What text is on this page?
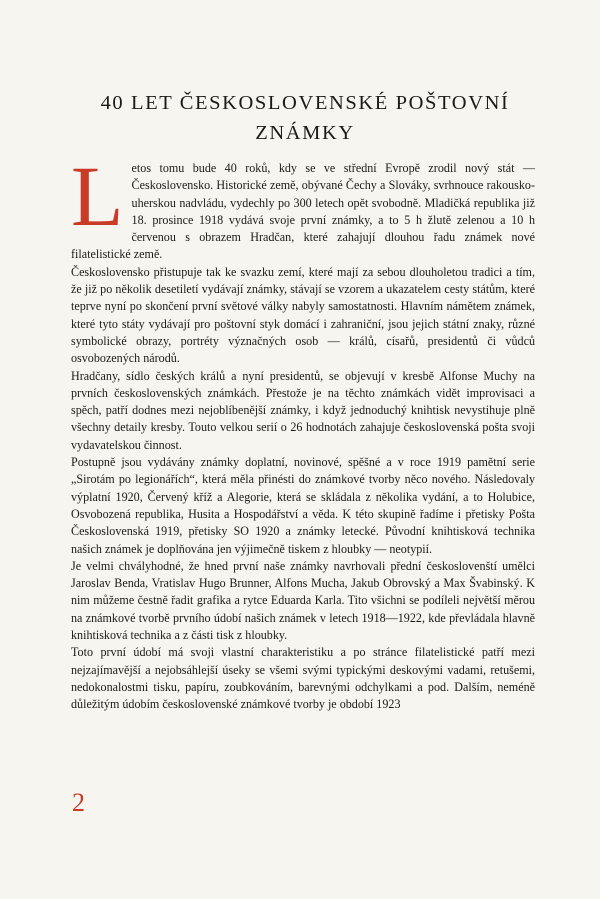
40 LET ČESKOSLOVENSKÉ POŠTOVNÍ
ZNÁMKY

Letos tomu bude 40 roků, kdy se ve střední Evropě zrodil nový stát — Československo. Historické země, obývané Čechy a Slováky, svrhnouce rakousko-uherskou nadvládu, vydechly po 300 letech opět svobodně. Mladičká republika již 18. prosince 1918 vydává svoje první známky, a to 5 h žlutě zelenou a 10 h červenou s obrazem Hradčan, které zahajují dlouhou řadu známek nové filatelistické země.

Československo přistupuje tak ke svazku zemí, které mají za sebou dlouholetou tradici a tím, že již po několik desetiletí vydávají známky, stávají se vzorem a ukazatelem cesty státům, které teprve nyní po skončení první světové války nabyly samostatnosti. Hlavním námětem známek, které tyto státy vydávají pro poštovní styk domácí i zahraniční, jsou jejich státní znaky, různé symbolické obrazy, portréty význačných osob — králů, císařů, presidentů či vůdců osvobozených národů.

Hradčany, sídlo českých králů a nyní presidentů, se objevují v kresbě Alfonse Muchy na prvních československých známkách. Přestože je na těchto známkách vidět improvisaci a spěch, patří dodnes mezi nejoblíbenější známky, i když jednoduchý knihtisk nevystihuje plně všechny detaily kresby. Touto velkou serií o 26 hodnotách zahajuje československá pošta svoji vydavatelskou činnost.

Postupně jsou vydávány známky doplatní, novinové, spěšné a v roce 1919 pamětní serie „Sirotám po legionářích“, která měla přinésti do známkové tvorby něco nového. Následovaly výplatní 1920, Červený kříž a Alegorie, která se skládala z několika vydání, a to Holubice, Osvobozená republika, Husita a Hospodářství a věda. K této skupině řadíme i přetisky Pošta Československá 1919, přetisky SO 1920 a známky letecké. Původní knihtisková technika našich známek je doplňována jen výjimečně tiskem z hloubky — neotypií.

Je velmi chvályhodné, že hned první naše známky navrhovali přední českoslovenští umělci Jaroslav Benda, Vratislav Hugo Brunner, Alfons Mucha, Jakub Obrovský a Max Švabinský. K nim můžeme čestně řadit grafika a rytce Eduarda Karla. Tito všichni se podíleli největší měrou na známkové tvorbě prvního údobí našich známek v letech 1918—1922, kde převládala hlavně knihtisková technika a z části tisk z hloubky.

Toto první údobí má svoji vlastní charakteristiku a po stránce filatelistické patří mezi nejzajímavější a nejobsáhlejší úseky se všemi svými typickými deskovými vadami, retušemi, nedokonalostmi tisku, papíru, zoubkováním, barevnými odchylkami a pod. Dalším, neméně důležitým údobím československé známkové tvorby je období 1923

2
